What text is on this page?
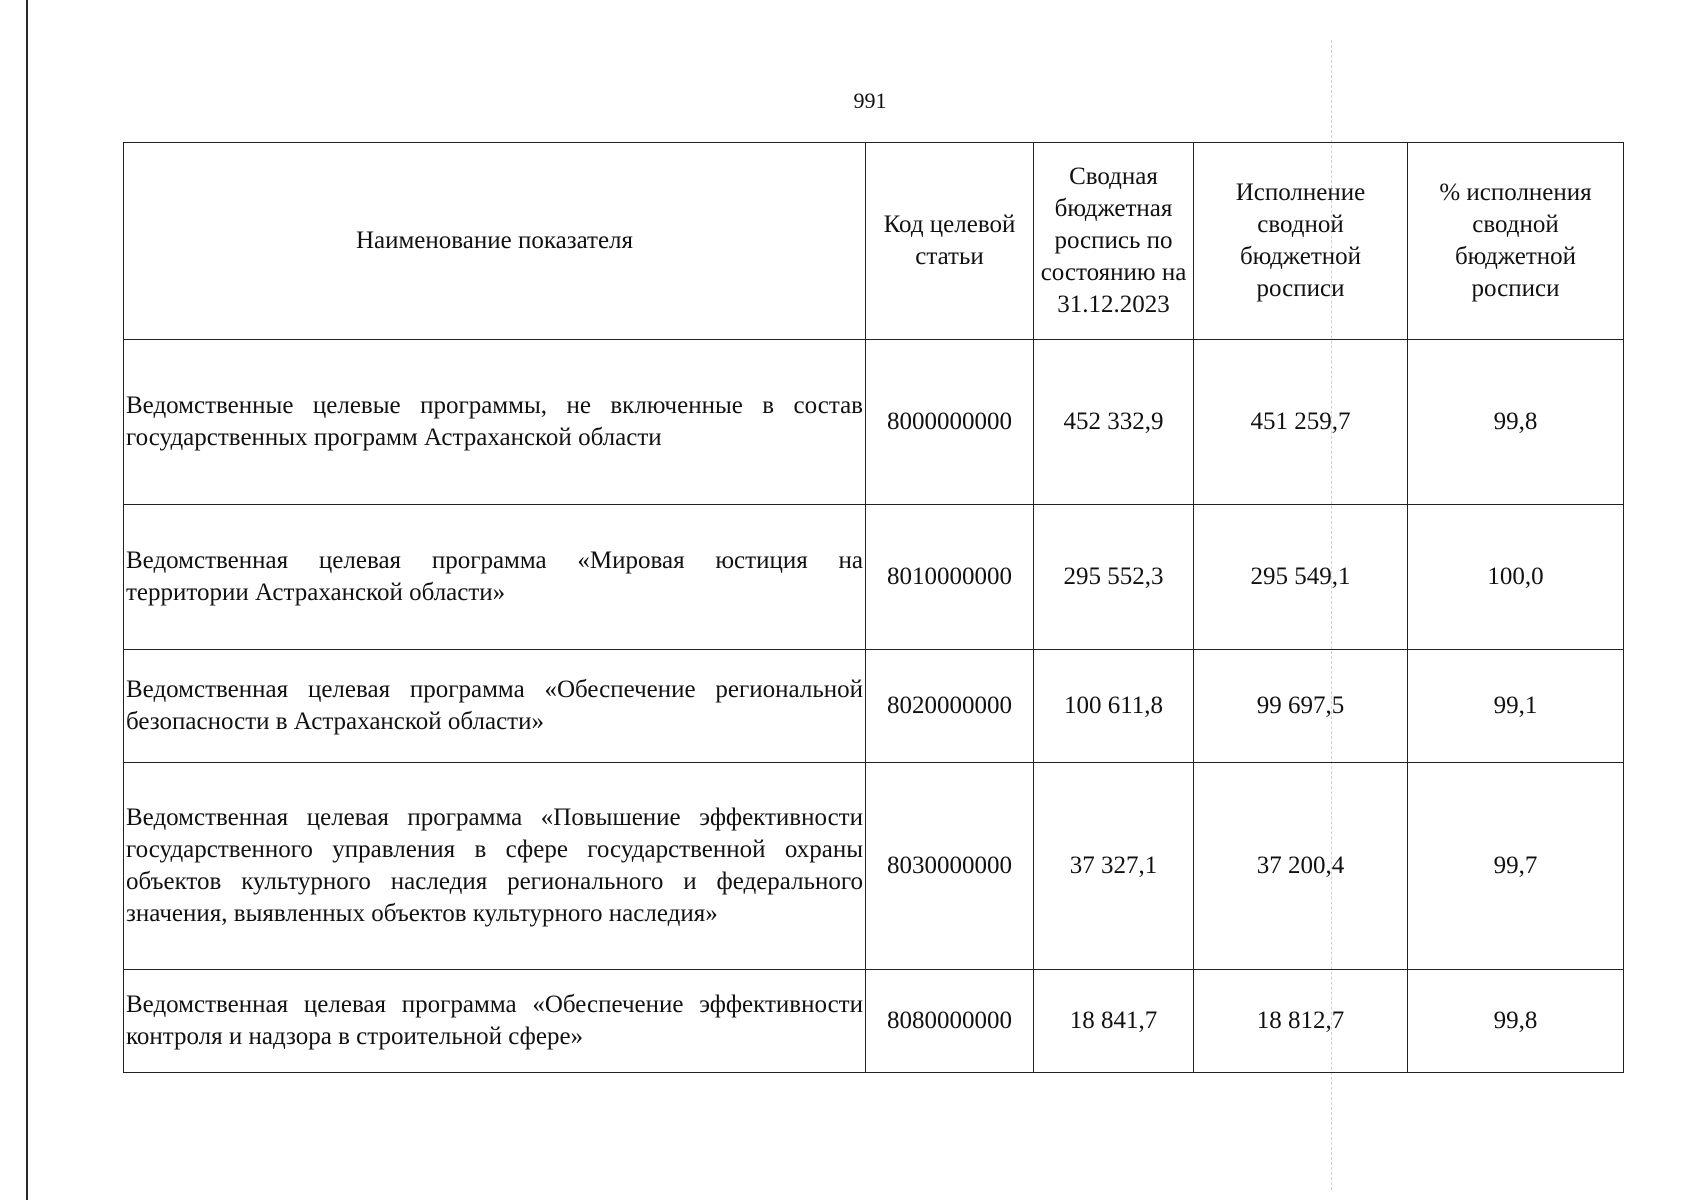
991
Наименование показателя	Код целевой статьи	Сводная бюджетная роспись по состоянию на 31.12.2023	Исполнение сводной бюджетной росписи	% исполнения сводной бюджетной росписи
Ведомственные целевые программы, не включенные в состав государственных программ Астраханской области	8000000000	452 332,9	451 259,7	99,8
Ведомственная целевая программа «Мировая юстиция на территории Астраханской области»	8010000000	295 552,3	295 549,1	100,0
Ведомственная целевая программа «Обеспечение региональной безопасности в Астраханской области»	8020000000	100 611,8	99 697,5	99,1
Ведомственная целевая программа «Повышение эффективности государственного управления в сфере государственной охраны объектов культурного наследия регионального и федерального значения, выявленных объектов культурного наследия»	8030000000	37 327,1	37 200,4	99,7
Ведомственная целевая программа «Обеспечение эффективности контроля и надзора в строительной сфере»	8080000000	18 841,7	18 812,7	99,8
